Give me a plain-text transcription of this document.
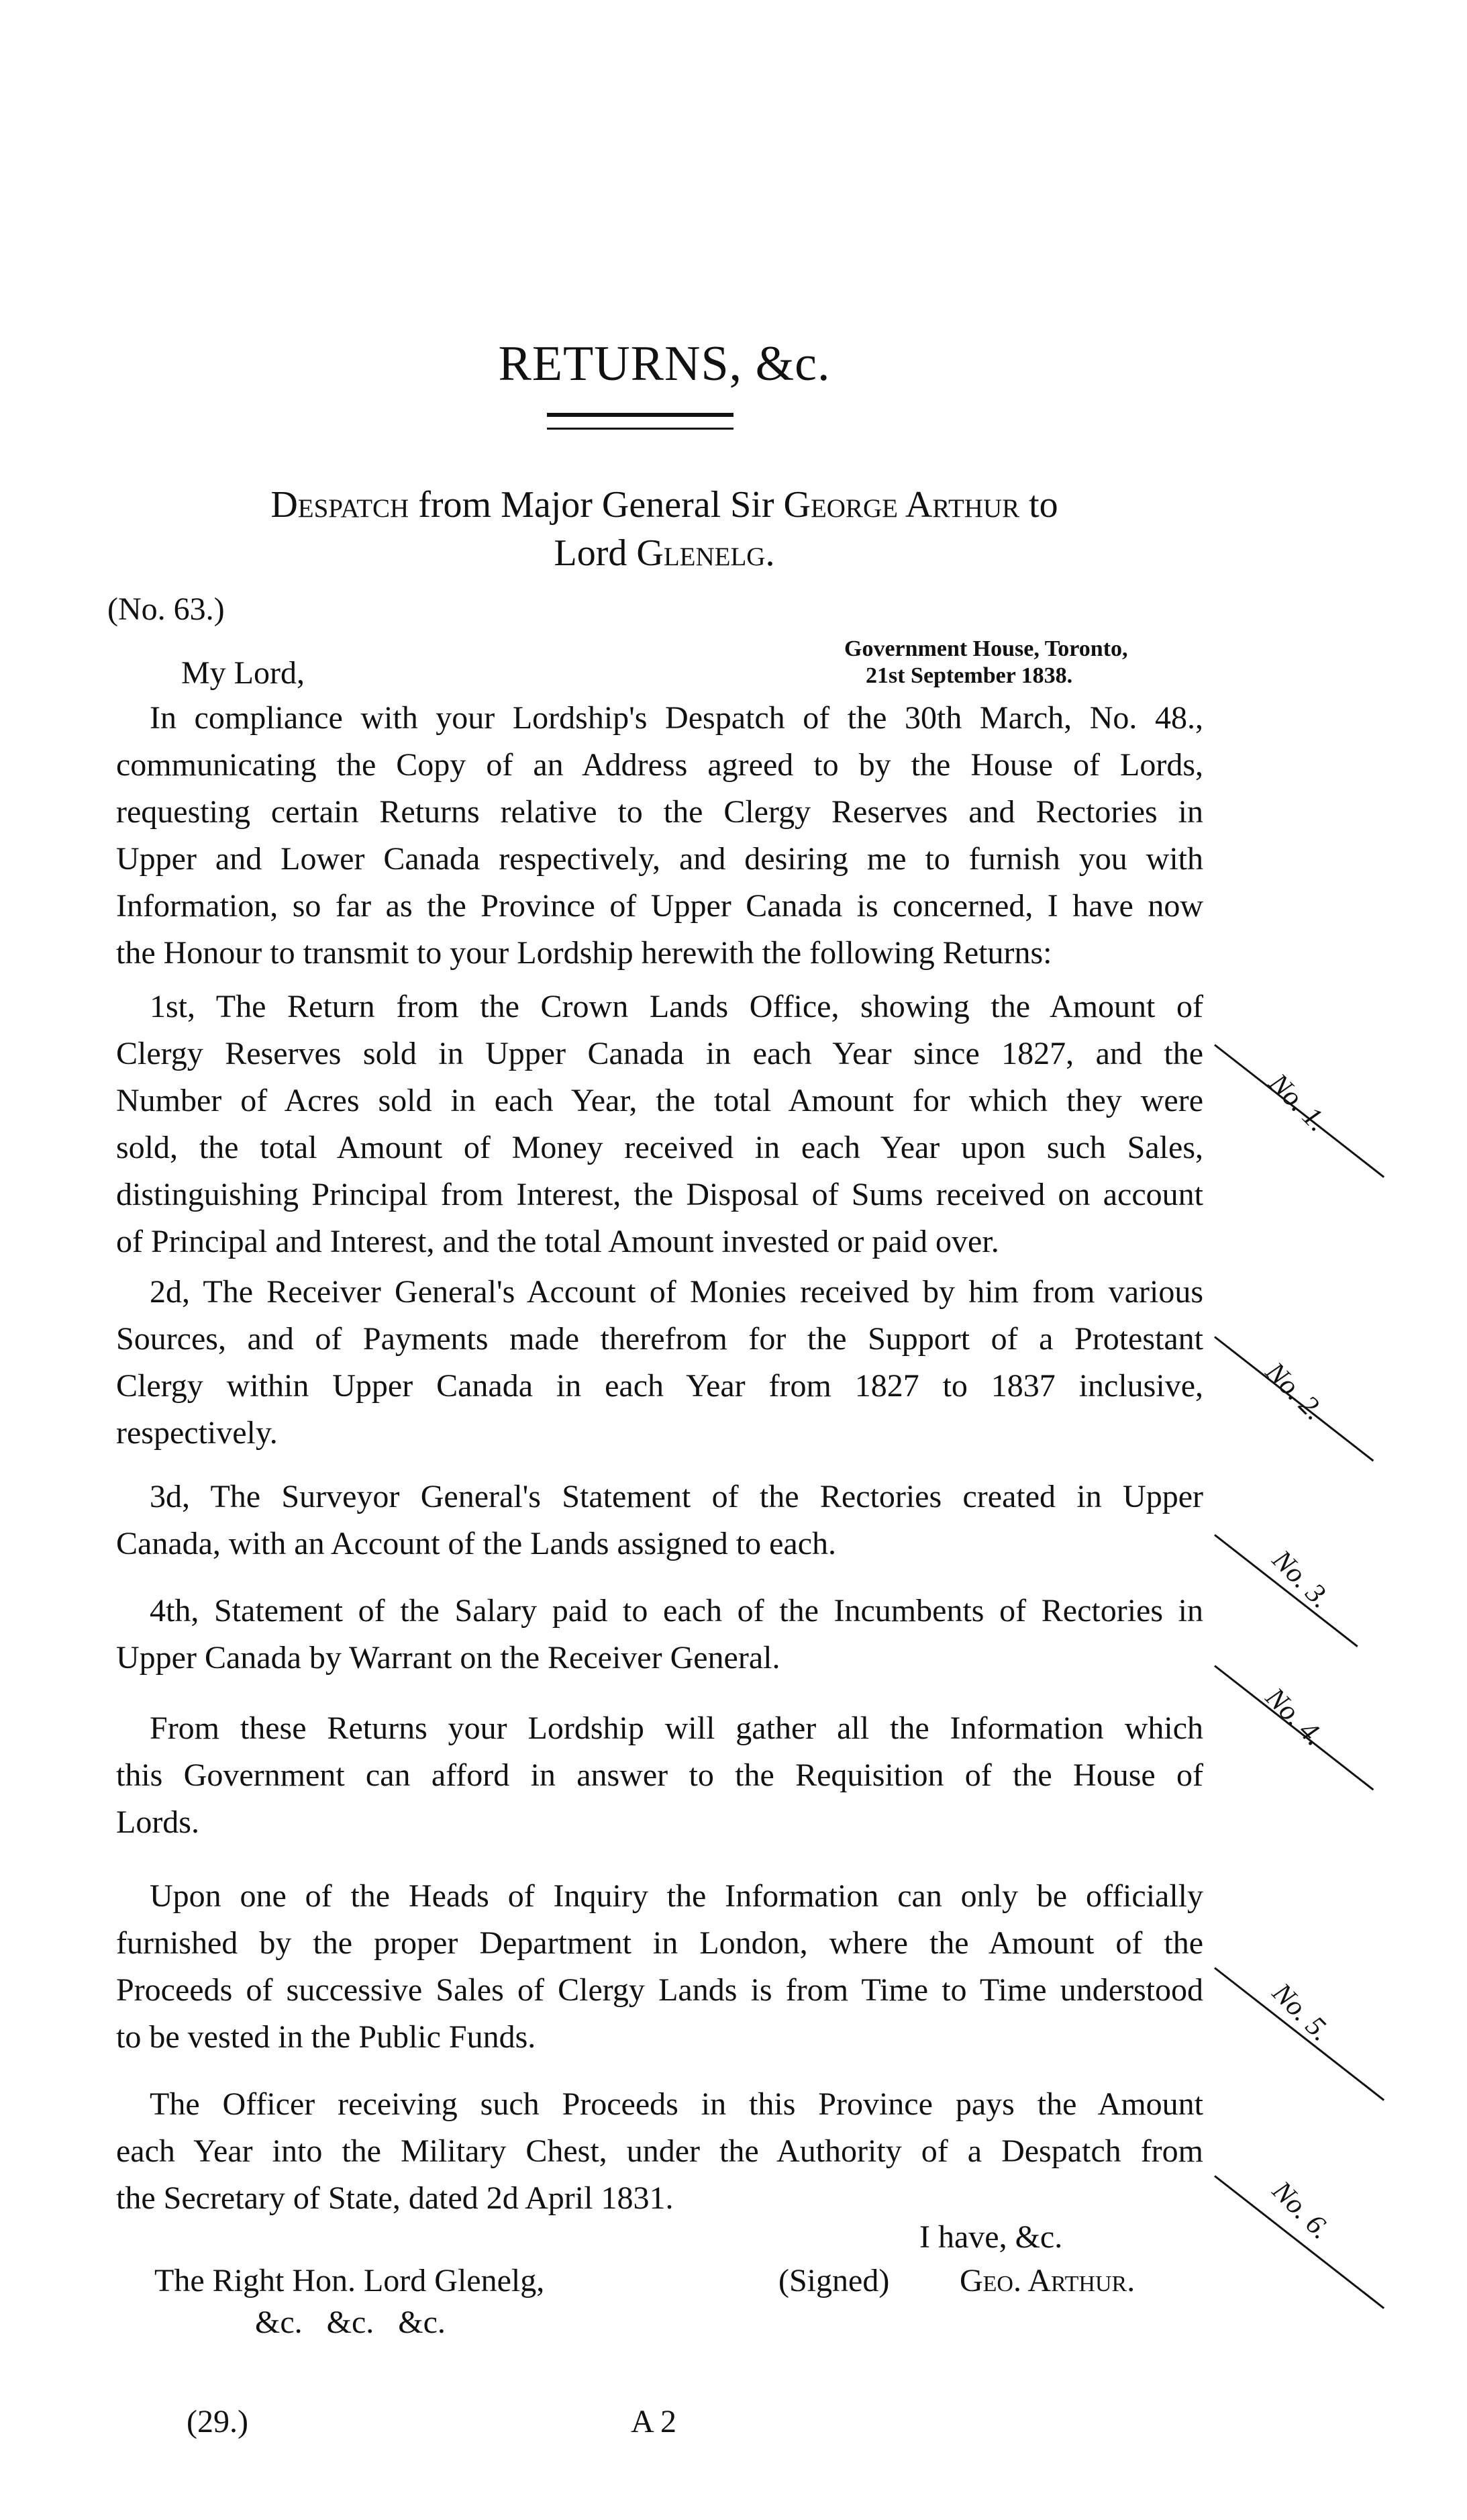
RETURNS, &c.
Despatch from Major General Sir George Arthur to
Lord Glenelg.
(No. 63.)
Government House, Toronto,
21st September 1838.
My Lord,
In compliance with your Lordship's Despatch of the 30th March, No. 48.,
communicating the Copy of an Address agreed to by the House of Lords,
requesting certain Returns relative to the Clergy Reserves and Rectories in
Upper and Lower Canada respectively, and desiring me to furnish you with
Information, so far as the Province of Upper Canada is concerned, I have now
the Honour to transmit to your Lordship herewith the following Returns:
1st, The Return from the Crown Lands Office, showing the Amount of
Clergy Reserves sold in Upper Canada in each Year since 1827, and the
Number of Acres sold in each Year, the total Amount for which they were
sold, the total Amount of Money received in each Year upon such Sales,
distinguishing Principal from Interest, the Disposal of Sums received on account
of Principal and Interest, and the total Amount invested or paid over.
2d, The Receiver General's Account of Monies received by him from various
Sources, and of Payments made therefrom for the Support of a Protestant
Clergy within Upper Canada in each Year from 1827 to 1837 inclusive,
respectively.
3d, The Surveyor General's Statement of the Rectories created in Upper
Canada, with an Account of the Lands assigned to each.
4th, Statement of the Salary paid to each of the Incumbents of Rectories in
Upper Canada by Warrant on the Receiver General.
From these Returns your Lordship will gather all the Information which
this Government can afford in answer to the Requisition of the House of
Lords.
Upon one of the Heads of Inquiry the Information can only be officially
furnished by the proper Department in London, where the Amount of the
Proceeds of successive Sales of Clergy Lands is from Time to Time understood
to be vested in the Public Funds.
The Officer receiving such Proceeds in this Province pays the Amount
each Year into the Military Chest, under the Authority of a Despatch from
the Secretary of State, dated 2d April 1831.
I have, &c.
(Signed) Geo. Arthur.
The Right Hon. Lord Glenelg,
&c.   &c.   &c.
No. 1.
No. 2.
No. 3.
No. 4.
No. 5.
No. 6.
(29.)	A 2
